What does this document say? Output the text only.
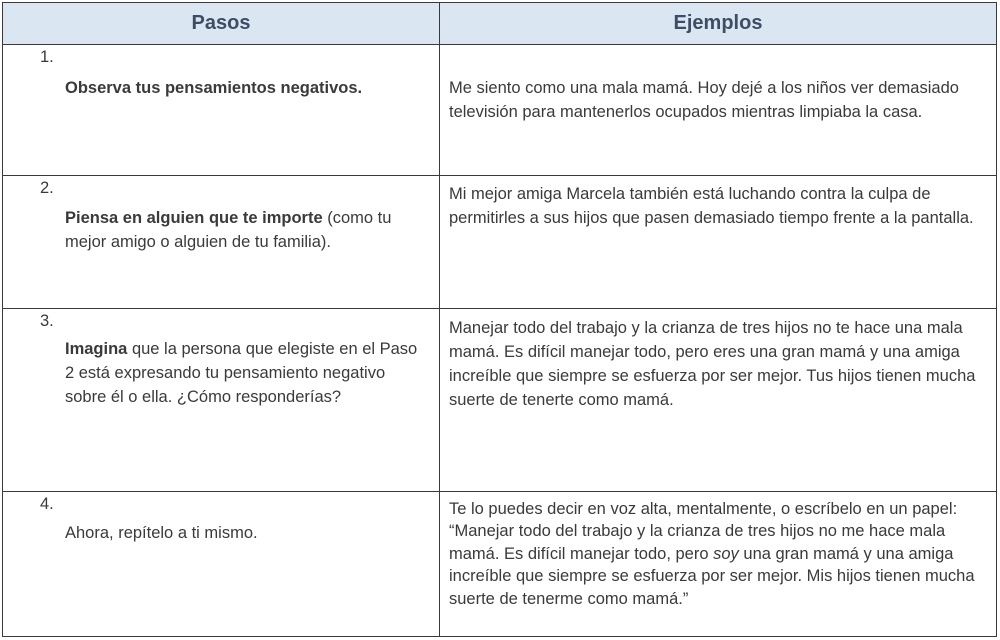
Pasos	Ejemplos

1.
Observa tus pensamientos negativos.	Me siento como una mala mamá. Hoy dejé a los niños ver demasiado televisión para mantenerlos ocupados mientras limpiaba la casa.

2.
Piensa en alguien que te importe (como tu mejor amigo o alguien de tu familia).	Mi mejor amiga Marcela también está luchando contra la culpa de permitirles a sus hijos que pasen demasiado tiempo frente a la pantalla.

3.
Imagina que la persona que elegiste en el Paso 2 está expresando tu pensamiento negativo sobre él o ella. ¿Cómo responderías?	Manejar todo del trabajo y la crianza de tres hijos no te hace una mala mamá. Es difícil manejar todo, pero eres una gran mamá y una amiga increíble que siempre se esfuerza por ser mejor. Tus hijos tienen mucha suerte de tenerte como mamá.

4.
Ahora, repítelo a ti mismo.	Te lo puedes decir en voz alta, mentalmente, o escríbelo en un papel: “Manejar todo del trabajo y la crianza de tres hijos no me hace mala mamá. Es difícil manejar todo, pero soy una gran mamá y una amiga increíble que siempre se esfuerza por ser mejor. Mis hijos tienen mucha suerte de tenerme como mamá.”
